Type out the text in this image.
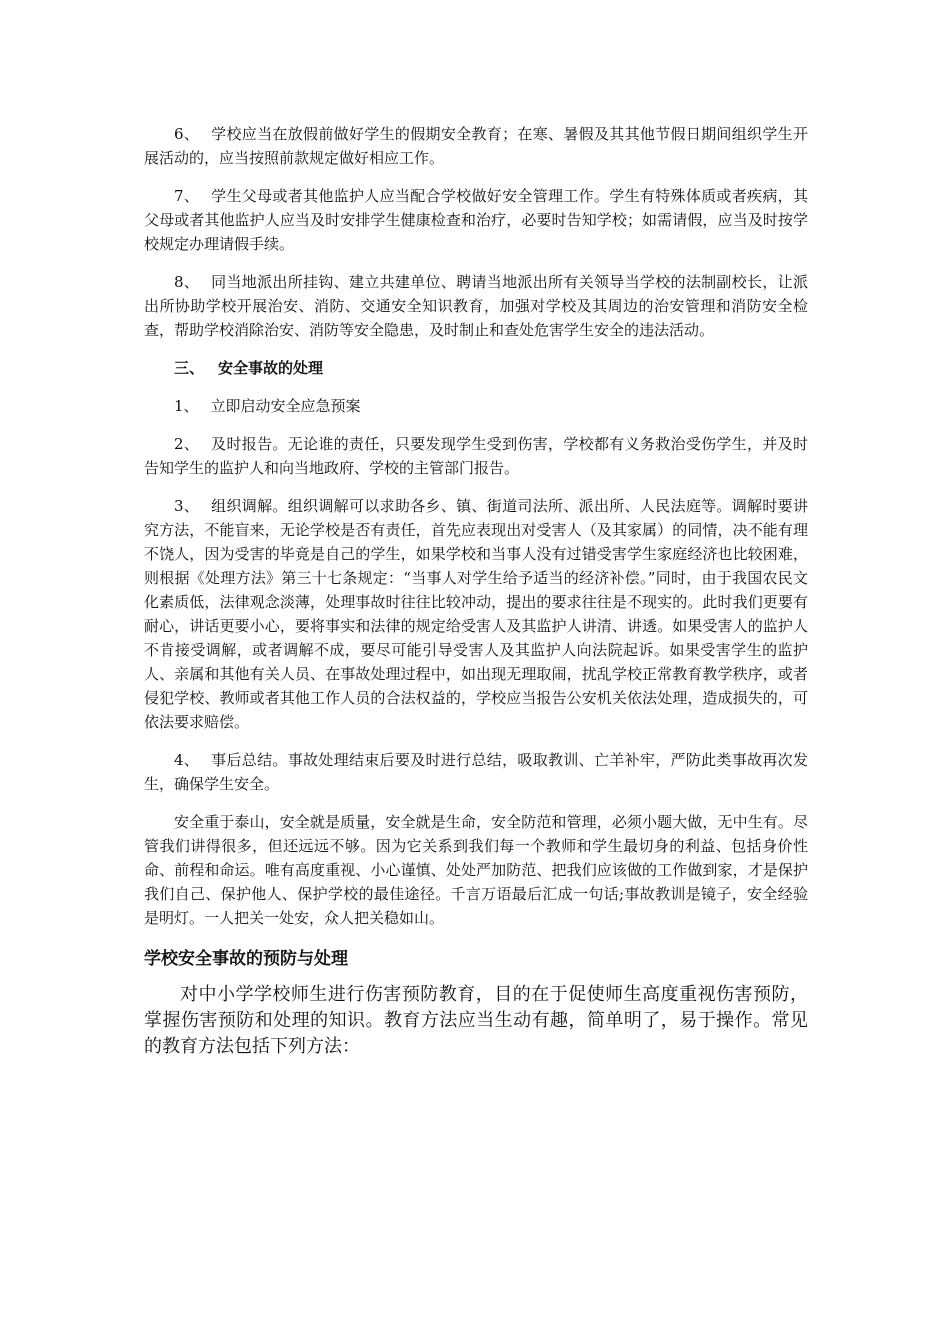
6、 学校应当在放假前做好学生的假期安全教育；在寒、暑假及其其他节假日期间组织学生开展活动的，应当按照前款规定做好相应工作。

7、 学生父母或者其他监护人应当配合学校做好安全管理工作。学生有特殊体质或者疾病，其父母或者其他监护人应当及时安排学生健康检查和治疗，必要时告知学校；如需请假，应当及时按学校规定办理请假手续。

8、 同当地派出所挂钩、建立共建单位、聘请当地派出所有关领导当学校的法制副校长，让派出所协助学校开展治安、消防、交通安全知识教育，加强对学校及其周边的治安管理和消防安全检查，帮助学校消除治安、消防等安全隐患，及时制止和查处危害学生安全的违法活动。

三、 安全事故的处理

1、 立即启动安全应急预案

2、 及时报告。无论谁的责任，只要发现学生受到伤害，学校都有义务救治受伤学生，并及时告知学生的监护人和向当地政府、学校的主管部门报告。

3、 组织调解。组织调解可以求助各乡、镇、街道司法所、派出所、人民法庭等。调解时要讲究方法，不能盲来，无论学校是否有责任，首先应表现出对受害人（及其家属）的同情，决不能有理不饶人，因为受害的毕竟是自己的学生，如果学校和当事人没有过错受害学生家庭经济也比较困难，则根据《处理方法》第三十七条规定：“当事人对学生给予适当的经济补偿。”同时，由于我国农民文化素质低，法律观念淡薄，处理事故时往往比较冲动，提出的要求往往是不现实的。此时我们更要有耐心，讲话更要小心，要将事实和法律的规定给受害人及其监护人讲清、讲透。如果受害人的监护人不肯接受调解，或者调解不成，要尽可能引导受害人及其监护人向法院起诉。如果受害学生的监护人、亲属和其他有关人员、在事故处理过程中，如出现无理取闹，扰乱学校正常教育教学秩序，或者侵犯学校、教师或者其他工作人员的合法权益的，学校应当报告公安机关依法处理，造成损失的，可依法要求赔偿。

4、 事后总结。事故处理结束后要及时进行总结，吸取教训、亡羊补牢，严防此类事故再次发生，确保学生安全。

安全重于泰山，安全就是质量，安全就是生命，安全防范和管理，必须小题大做，无中生有。尽管我们讲得很多，但还远远不够。因为它关系到我们每一个教师和学生最切身的利益、包括身价性命、前程和命运。唯有高度重视、小心谨慎、处处严加防范、把我们应该做的工作做到家，才是保护我们自己、保护他人、保护学校的最佳途径。千言万语最后汇成一句话;事故教训是镜子，安全经验是明灯。一人把关一处安，众人把关稳如山。

学校安全事故的预防与处理

对中小学学校师生进行伤害预防教育，目的在于促使师生高度重视伤害预防，掌握伤害预防和处理的知识。教育方法应当生动有趣，简单明了，易于操作。常见的教育方法包括下列方法：
